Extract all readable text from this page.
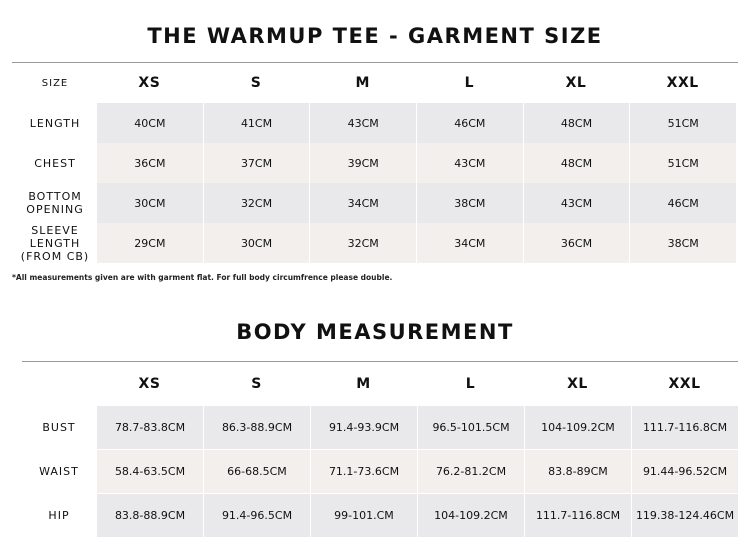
THE WARMUP TEE - GARMENT SIZE
SIZE	XS	S	M	L	XL	XXL
LENGTH	40CM	41CM	43CM	46CM	48CM	51CM
CHEST	36CM	37CM	39CM	43CM	48CM	51CM
BOTTOM OPENING	30CM	32CM	34CM	38CM	43CM	46CM
SLEEVE LENGTH (FROM CB)	29CM	30CM	32CM	34CM	36CM	38CM
*All measurements given are with garment flat. For full body circumfrence please double.
BODY MEASUREMENT
	XS	S	M	L	XL	XXL
BUST	78.7-83.8CM	86.3-88.9CM	91.4-93.9CM	96.5-101.5CM	104-109.2CM	111.7-116.8CM
WAIST	58.4-63.5CM	66-68.5CM	71.1-73.6CM	76.2-81.2CM	83.8-89CM	91.44-96.52CM
HIP	83.8-88.9CM	91.4-96.5CM	99-101.CM	104-109.2CM	111.7-116.8CM	119.38-124.46CM
